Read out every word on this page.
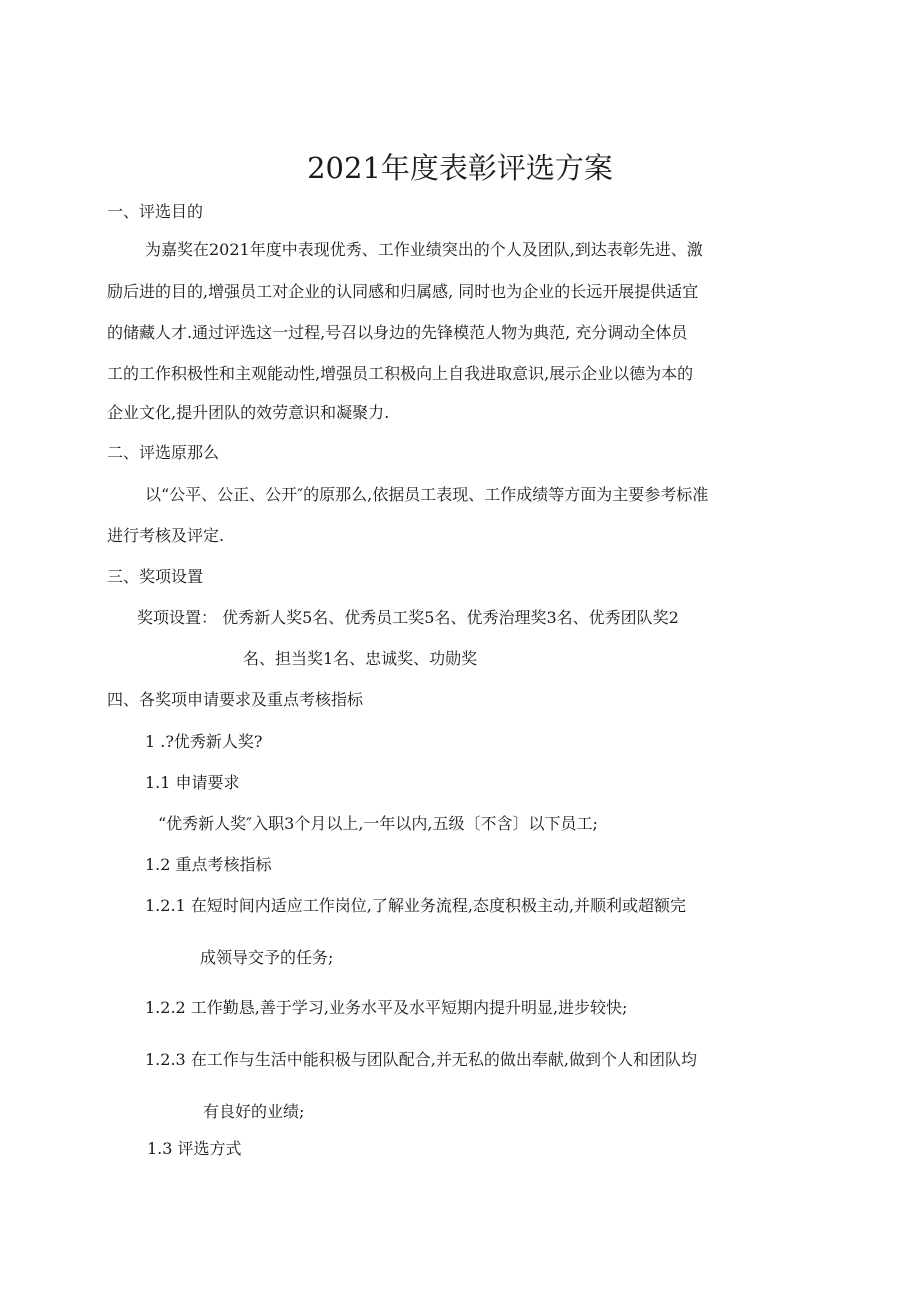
2021年度表彰评选方案
一、评选目的
为嘉奖在2021年度中表现优秀、工作业绩突出的个人及团队,到达表彰先进、激
励后进的目的,增强员工对企业的认同感和归属感, 同时也为企业的长远开展提供适宜
的储藏人才.通过评选这一过程,号召以身边的先锋模范人物为典范, 充分调动全体员
工的工作积极性和主观能动性,增强员工积极向上自我进取意识,展示企业以德为本的
企业文化,提升团队的效劳意识和凝聚力.
二、评选原那么
以“公平、公正、公开″的原那么,依据员工表现、工作成绩等方面为主要参考标准
进行考核及评定.
三、奖项设置
奖项设置： 优秀新人奖5名、优秀员工奖5名、优秀治理奖3名、优秀团队奖2
名、担当奖1名、忠诚奖、功勋奖
四、各奖项申请要求及重点考核指标
1 .?优秀新人奖?
1.1 申请要求
“优秀新人奖″入职3个月以上,一年以内,五级〔不含〕以下员工;
1.2 重点考核指标
1.2.1 在短时间内适应工作岗位,了解业务流程,态度积极主动,并顺利或超额完
成领导交予的任务;
1.2.2 工作勤恳,善于学习,业务水平及水平短期内提升明显,进步较快;
1.2.3 在工作与生活中能积极与团队配合,并无私的做出奉献,做到个人和团队均
有良好的业绩;
1.3 评选方式
